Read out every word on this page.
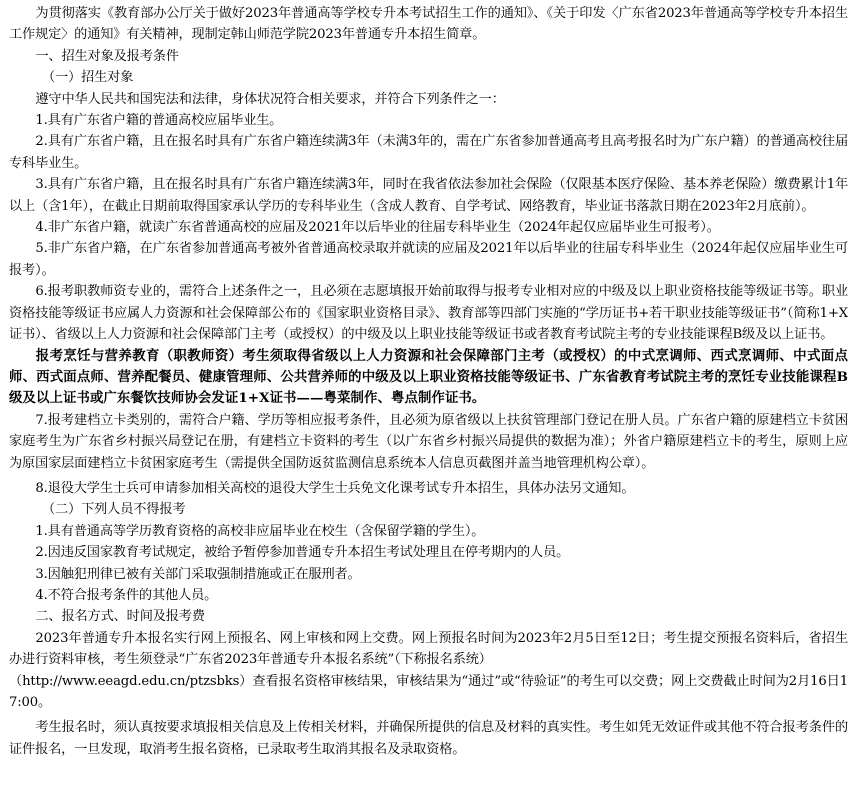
为贯彻落实《教育部办公厅关于做好2023年普通高等学校专升本考试招生工作的通知》、《关于印发〈广东省2023年普通高等学校专升本招生工作规定〉的通知》有关精神，现制定韩山师范学院2023年普通专升本招生简章。

一、招生对象及报考条件

（一）招生对象

遵守中华人民共和国宪法和法律，身体状况符合相关要求，并符合下列条件之一：

1.具有广东省户籍的普通高校应届毕业生。

2.具有广东省户籍，且在报名时具有广东省户籍连续满3年（未满3年的，需在广东省参加普通高考且高考报名时为广东户籍）的普通高校往届专科毕业生。

3.具有广东省户籍，且在报名时具有广东省户籍连续满3年，同时在我省依法参加社会保险（仅限基本医疗保险、基本养老保险）缴费累计1年以上（含1年），在截止日期前取得国家承认学历的专科毕业生（含成人教育、自学考试、网络教育，毕业证书落款日期在2023年2月底前）。

4.非广东省户籍，就读广东省普通高校的应届及2021年以后毕业的往届专科毕业生（2024年起仅应届毕业生可报考）。

5.非广东省户籍，在广东省参加普通高考被外省普通高校录取并就读的应届及2021年以后毕业的往届专科毕业生（2024年起仅应届毕业生可报考）。

6.报考职教师资专业的，需符合上述条件之一，且必须在志愿填报开始前取得与报考专业相对应的中级及以上职业资格技能等级证书等。职业资格技能等级证书应属人力资源和社会保障部公布的《国家职业资格目录》、教育部等四部门实施的“学历证书+若干职业技能等级证书”（简称1+X证书）、省级以上人力资源和社会保障部门主考（或授权）的中级及以上职业技能等级证书或者教育考试院主考的专业技能课程B级及以上证书。

报考烹饪与营养教育（职教师资）考生须取得省级以上人力资源和社会保障部门主考（或授权）的中式烹调师、西式烹调师、中式面点师、西式面点师、营养配餐员、健康管理师、公共营养师的中级及以上职业资格技能等级证书、广东省教育考试院主考的烹饪专业技能课程B级及以上证书或广东餐饮技师协会发证1+X证书——粤菜制作、粤点制作证书。

7.报考建档立卡类别的，需符合户籍、学历等相应报考条件，且必须为原省级以上扶贫管理部门登记在册人员。广东省户籍的原建档立卡贫困家庭考生为广东省乡村振兴局登记在册，有建档立卡资料的考生（以广东省乡村振兴局提供的数据为准）；外省户籍原建档立卡的考生，原则上应为原国家层面建档立卡贫困家庭考生（需提供全国防返贫监测信息系统本人信息页截图并盖当地管理机构公章）。

8.退役大学生士兵可申请参加相关高校的退役大学生士兵免文化课考试专升本招生，具体办法另文通知。

（二）下列人员不得报考

1.具有普通高等学历教育资格的高校非应届毕业在校生（含保留学籍的学生）。

2.因违反国家教育考试规定，被给予暂停参加普通专升本招生考试处理且在停考期内的人员。

3.因触犯刑律已被有关部门采取强制措施或正在服刑者。

4.不符合报考条件的其他人员。

二、报名方式、时间及报考费

2023年普通专升本报名实行网上预报名、网上审核和网上交费。网上预报名时间为2023年2月5日至12日；考生提交预报名资料后，省招生办进行资料审核，考生须登录“广东省2023年普通专升本报名系统”（下称报名系统）

（http://www.eeagd.edu.cn/ptzsbks）查看报名资格审核结果，审核结果为“通过”或“待验证”的考生可以交费；网上交费截止时间为2月16日17:00。

考生报名时，须认真按要求填报相关信息及上传相关材料，并确保所提供的信息及材料的真实性。考生如凭无效证件或其他不符合报考条件的证件报名，一旦发现，取消考生报名资格，已录取考生取消其报名及录取资格。
